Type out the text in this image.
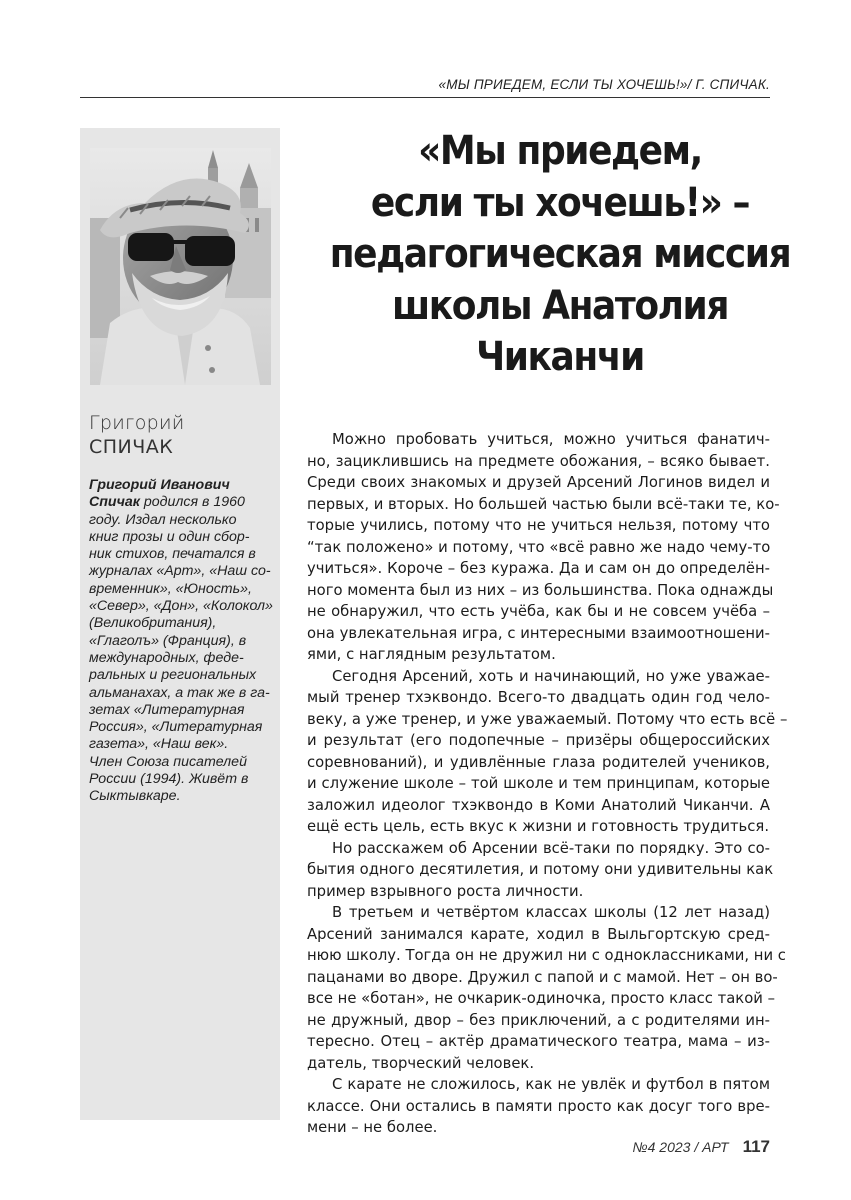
«МЫ ПРИЕДЕМ, ЕСЛИ ТЫ ХОЧЕШЬ!»/ Г. СПИЧАК.
Григорий
СПИЧАК
Григорий Иванович
Спичак родился в 1960
году. Издал несколько
книг прозы и один сбор-
ник стихов, печатался в
журналах «Арт», «Наш со-
временник», «Юность»,
«Север», «Дон», «Колокол»
(Великобритания),
«Глаголъ» (Франция), в
международных, феде-
ральных и региональных
альманахах, а так же в га-
зетах «Литературная
Россия», «Литературная
газета», «Наш век».
Член Союза писателей
России (1994). Живёт в
Сыктывкаре.
«Мы приедем,
если ты хочешь!» –
педагогическая миссия
школы Анатолия
Чиканчи
Можно пробовать учиться, можно учиться фанатич-
но, зациклившись на предмете обожания, – всяко бывает.
Среди своих знакомых и друзей Арсений Логинов видел и
первых, и вторых. Но большей частью были всё-таки те, ко-
торые учились, потому что не учиться нельзя, потому что
“так положено» и потому, что «всё равно же надо чему-то
учиться». Короче – без куража. Да и сам он до определён-
ного момента был из них – из большинства. Пока однажды
не обнаружил, что есть учёба, как бы и не совсем учёба –
она увлекательная игра, с интересными взаимоотношени-
ями, с наглядным результатом.
Сегодня Арсений, хоть и начинающий, но уже уважае-
мый тренер тхэквондо. Всего-то двадцать один год чело-
веку, а уже тренер, и уже уважаемый. Потому что есть всё –
и результат (его подопечные – призёры общероссийских
соревнований), и удивлённые глаза родителей учеников,
и служение школе – той школе и тем принципам, которые
заложил идеолог тхэквондо в Коми Анатолий Чиканчи. А
ещё есть цель, есть вкус к жизни и готовность трудиться.
Но расскажем об Арсении всё-таки по порядку. Это со-
бытия одного десятилетия, и потому они удивительны как
пример взрывного роста личности.
В третьем и четвёртом классах школы (12 лет назад)
Арсений занимался карате, ходил в Выльгортскую сред-
нюю школу. Тогда он не дружил ни с одноклассниками, ни с
пацанами во дворе. Дружил с папой и с мамой. Нет – он во-
все не «ботан», не очкарик-одиночка, просто класс такой –
не дружный, двор – без приключений, а с родителями ин-
тересно. Отец – актёр драматического театра, мама – из-
датель, творческий человек.
С карате не сложилось, как не увлёк и футбол в пятом
классе. Они остались в памяти просто как досуг того вре-
мени – не более.
№4 2023 / АРТ 117
